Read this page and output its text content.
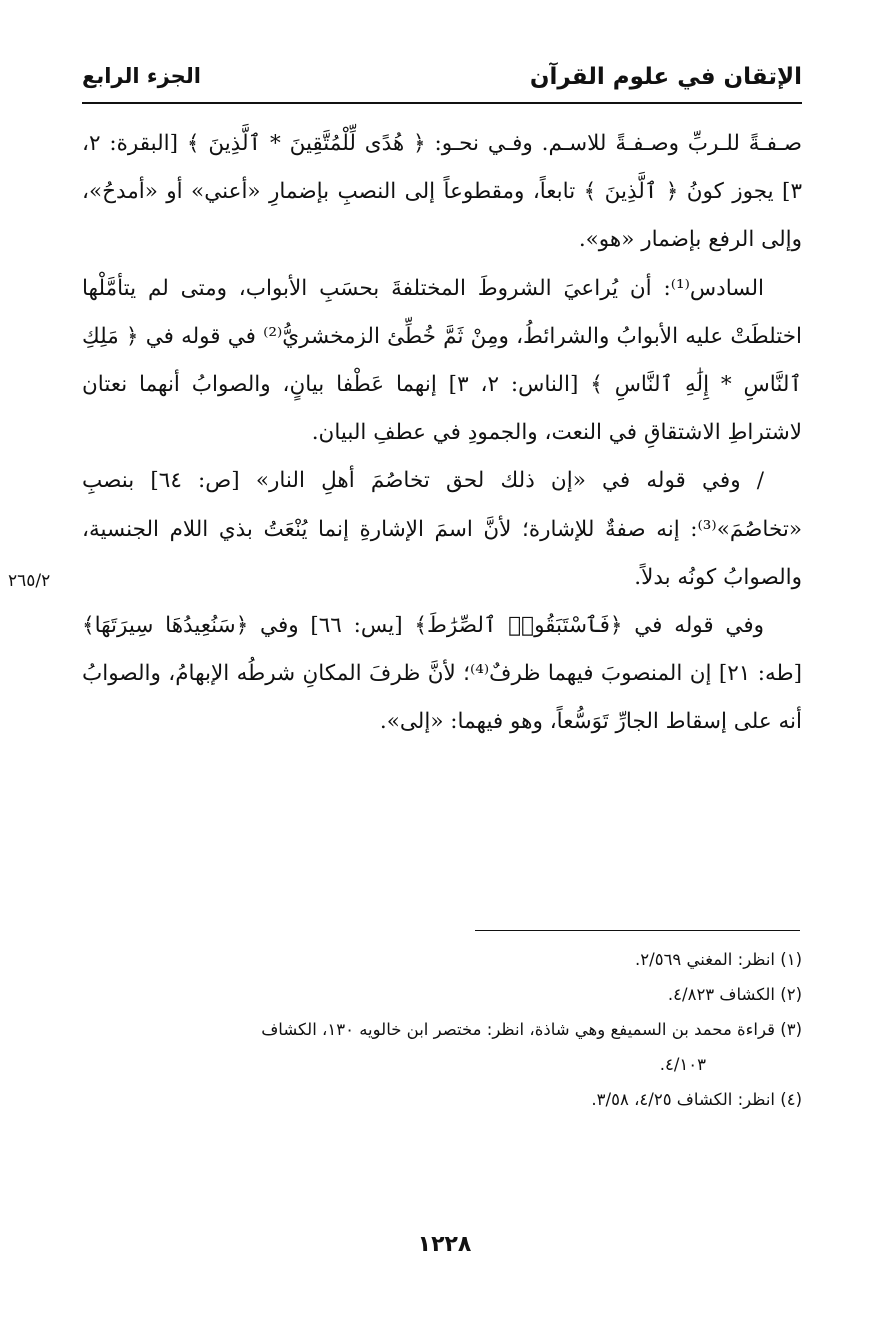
الإتقان في علوم القرآن
الجزء الرابع

صـفـةً للـربِّ وصـفـةً للاسـم. وفـي نحـو: ﴿ هُدًى لِّلْمُتَّقِينَ * ٱلَّذِينَ ﴾ [البقرة: ٢، ٣] يجوز كونُ ﴿ ٱلَّذِينَ ﴾ تابعاً، ومقطوعاً إلى النصبِ بإضمارِ «أعني» أو «أمدحُ»، وإلى الرفع بإضمار «هو».

السادس⁽¹⁾: أن يُراعيَ الشروطَ المختلفةَ بحسَبِ الأبواب، ومتى لم يتأمَّلْها اختلطَتْ عليه الأبوابُ والشرائطُ، ومِنْ ثَمَّ خُطِّئ الزمخشريُّ⁽²⁾ في قوله في ﴿ مَلِكِ ٱلنَّاسِ * إِلَٰهِ ٱلنَّاسِ ﴾ [الناس: ٢، ٣] إنهما عَطْفا بيانٍ، والصوابُ أنهما نعتان لاشتراطِ الاشتقاقِ في النعت، والجمودِ في عطفِ البيان.

/ وفي قوله في «إن ذلك لحق تخاصُمَ أهلِ النار» [ص: ٦٤] بنصبِ «تخاصُمَ»⁽³⁾: إنه صفةٌ للإشارة؛ لأنَّ اسمَ الإشارةِ إنما يُنْعَتُ بذي اللام الجنسية، والصوابُ كونُه بدلاً.

وفي قوله في ﴿فَٱسْتَبَقُوا۟ ٱلصِّرَٰطَ﴾ [يس: ٦٦] وفي ﴿سَنُعِيدُهَا سِيرَتَهَا﴾ [طه: ٢١] إن المنصوبَ فيهما ظرفٌ⁽⁴⁾؛ لأنَّ ظرفَ المكانِ شرطُه الإبهامُ، والصوابُ أنه على إسقاط الجارِّ تَوَسُّعاً، وهو فيهما: «إلى».

٢٦٥/٢

(١) انظر: المغني ٢/٥٦٩.

(٢) الكشاف ٤/٨٢٣.

(٣) قراءة محمد بن السميفع وهي شاذة، انظر: مختصر ابن خالويه ١٣٠، الكشاف

٤/١٠٣.

(٤) انظر: الكشاف ٤/٢٥، ٣/٥٨.

١٢٢٨
